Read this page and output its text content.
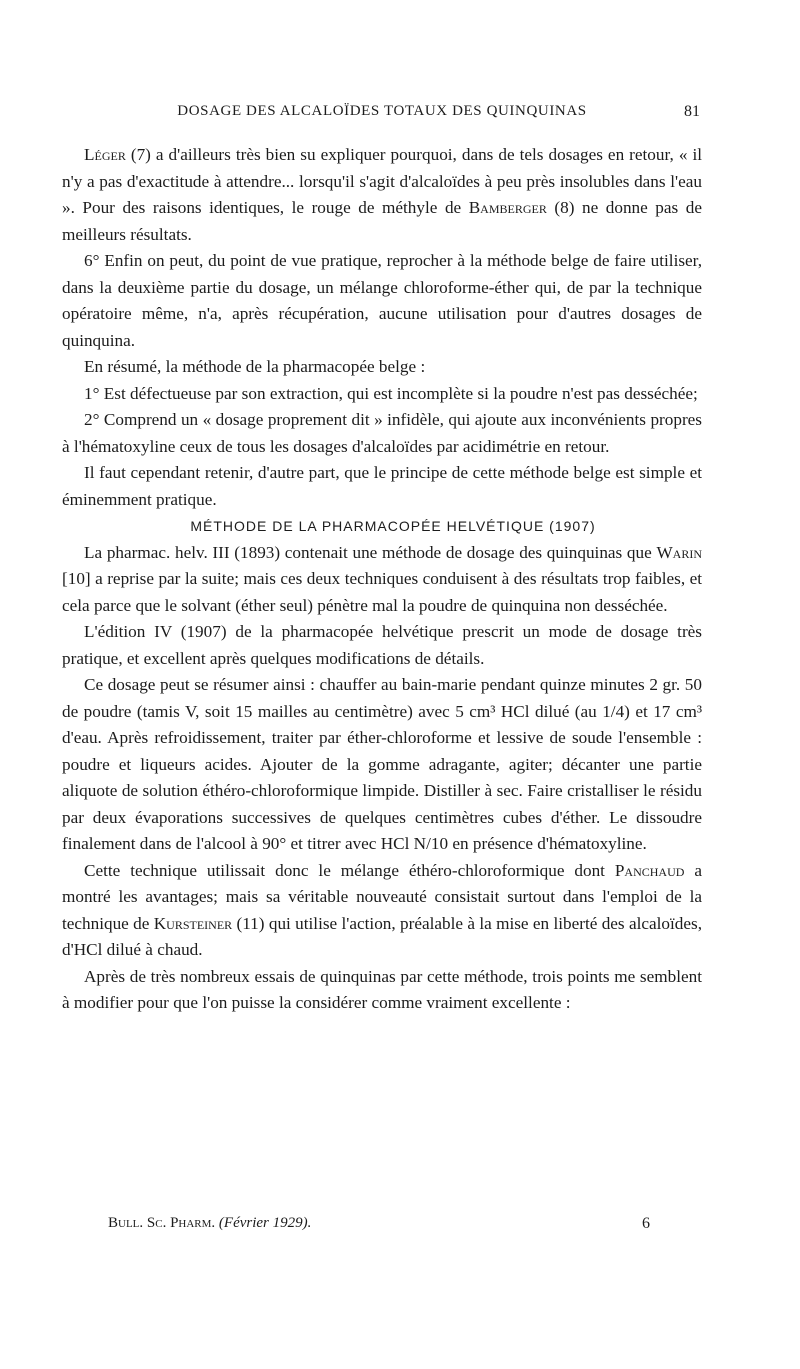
DOSAGE DES ALCALOÏDES TOTAUX DES QUINQUINAS	81

Léger (7) a d'ailleurs très bien su expliquer pourquoi, dans de tels dosages en retour, « il n'y a pas d'exactitude à attendre... lorsqu'il s'agit d'alcaloïdes à peu près insolubles dans l'eau ». Pour des raisons identiques, le rouge de méthyle de Bamberger (8) ne donne pas de meilleurs résultats.

6° Enfin on peut, du point de vue pratique, reprocher à la méthode belge de faire utiliser, dans la deuxième partie du dosage, un mélange chloroforme-éther qui, de par la technique opératoire même, n'a, après récupération, aucune utilisation pour d'autres dosages de quinquina.

En résumé, la méthode de la pharmacopée belge :

1° Est défectueuse par son extraction, qui est incomplète si la poudre n'est pas desséchée;

2° Comprend un « dosage proprement dit » infidèle, qui ajoute aux inconvénients propres à l'hématoxyline ceux de tous les dosages d'alcaloïdes par acidimétrie en retour.

Il faut cependant retenir, d'autre part, que le principe de cette méthode belge est simple et éminemment pratique.

MÉTHODE DE LA PHARMACOPÉE HELVÉTIQUE (1907)

La pharmac. helv. III (1893) contenait une méthode de dosage des quinquinas que Warin [10] a reprise par la suite; mais ces deux techniques conduisent à des résultats trop faibles, et cela parce que le solvant (éther seul) pénètre mal la poudre de quinquina non desséchée.

L'édition IV (1907) de la pharmacopée helvétique prescrit un mode de dosage très pratique, et excellent après quelques modifications de détails.

Ce dosage peut se résumer ainsi : chauffer au bain-marie pendant quinze minutes 2 gr. 50 de poudre (tamis V, soit 15 mailles au centimètre) avec 5 cm³ HCl dilué (au 1/4) et 17 cm³ d'eau. Après refroidissement, traiter par éther-chloroforme et lessive de soude l'ensemble : poudre et liqueurs acides. Ajouter de la gomme adragante, agiter; décanter une partie aliquote de solution éthéro-chloroformique limpide. Distiller à sec. Faire cristalliser le résidu par deux évaporations successives de quelques centimètres cubes d'éther. Le dissoudre finalement dans de l'alcool à 90° et titrer avec HCl N/10 en présence d'hématoxyline.

Cette technique utilissait donc le mélange éthéro-chloroformique dont Panchaud a montré les avantages; mais sa véritable nouveauté consistait surtout dans l'emploi de la technique de Kursteiner (11) qui utilise l'action, préalable à la mise en liberté des alcaloïdes, d'HCl dilué à chaud.

Après de très nombreux essais de quinquinas par cette méthode, trois points me semblent à modifier pour que l'on puisse la considérer comme vraiment excellente :

Bull. Sc. Pharm. (Février 1929).	6
